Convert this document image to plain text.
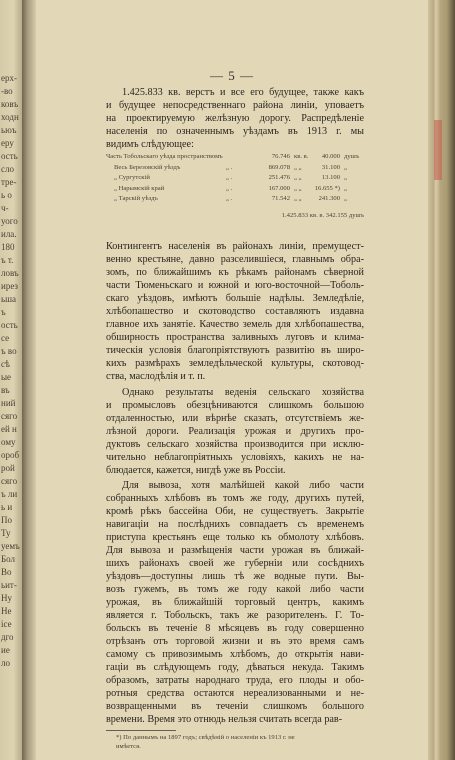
ерх-
-во
ковъ
ходн
ьюъ
еру
ость
сло
тре-
ь о
ч-
уого
ила.
180
ъ т.
ловъ
ирез
ьша
ъ
ость
се
ъ во
сѣ
ые
въ
ний
сяго
ей н
ому
ороб
рой
сяго
ъ ли
ь и
По
Ту
уемъ
Бол
Во
ьит-
Ну
Не
ісе
дго
ие
ло
— 5 —
1.425.833 кв. верстъ и все его будущее, также какъ
и будущее непосредственнаго района линіи, уповаетъ
на проектируемую желѣзную дорогу. Распредѣленіе
населенія по означеннымъ уѣздамъ въ 1913 г. мы
видимъ слѣдующее:
Часть Тобольскаго уѣзда пространствомъ	76.746 кв. в.	40.000 душъ
Весь Березовскій уѣздъ	„ .	869.078 „ „	31.100 „
„ Сургутскій	„ .	251.476 „ „	13.100 „
„ Нарымскій край	„ .	167.000 „ „	16.655 *) „
„ Тарскій уѣздъ	„ .	71.542 „ „	241.300 „
1.425.833 кв. в. 342.155 душъ
Контингентъ населенія въ районахъ линіи, премущест-
венно крестьяне, давно разселившіеся, главнымъ обра-
зомъ, по ближайшимъ къ рѣкамъ районамъ сѣверной
части Тюменьскаго и южной и юго-восточной—Тоболь-
скаго уѣздовъ, имѣютъ большіе надѣлы. Земледѣліе,
хлѣбопашество и скотоводство составляютъ издавна
главное ихъ занятіе. Качество земель для хлѣбопашества,
обширность пространства заливныхъ луговъ и клима-
тическія условія благопріятствуютъ развитію въ широ-
кихъ размѣрахъ земледѣльческой культуры, скотовод-
ства, маслодѣлія и т. п.
Однако результаты веденія сельскаго хозяйства
и промысловъ обезцѣниваются слишкомъ большою
отдаленностью, или вѣрнѣе сказать, отсутствіемъ же-
лѣзной дороги. Реализація урожая и другихъ про-
дуктовъ сельскаго хозяйства производится при исклю-
чительно неблагопріятныхъ условіяхъ, какихъ не на-
блюдается, кажется, нигдѣ уже въ Россіи.
Для вывоза, хотя малѣйшей какой либо части
собранныхъ хлѣбовъ въ томъ же году, другихъ путей,
кромѣ рѣкъ бассейна Оби, не существуетъ. Закрытіе
навигаціи на послѣднихъ совпадаетъ съ временемъ
приступа крестьянъ еще только къ обмолоту хлѣбовъ.
Для вывоза и размѣщенія части урожая въ ближай-
шихъ районахъ своей же губерніи или сосѣднихъ
уѣздовъ—доступны лишь тѣ же водные пути. Вы-
возъ гужемъ, въ томъ же году какой либо части
урожая, въ ближайшій торговый центръ, какимъ
является г. Тобольскъ, такъ же разорителенъ. Г. То-
больскъ въ теченіе 8 мѣсяцевъ въ году совершенно
отрѣзанъ отъ торговой жизни и въ это время самъ
самому съ привозимымъ хлѣбомъ, до открытія нави-
гаціи въ слѣдующемъ году, дѣваться некуда. Такимъ
образомъ, затраты народнаго труда, его плоды и обо-
ротныя средства остаются нереализованными и не-
возвращенными въ теченіи слишкомъ большого
времени. Время это отнюдь нельзя считать всегда рав-
*) По даннымъ на 1897 годъ; свѣдѣній о населеніи къ 1913 г. не
имѣется.
